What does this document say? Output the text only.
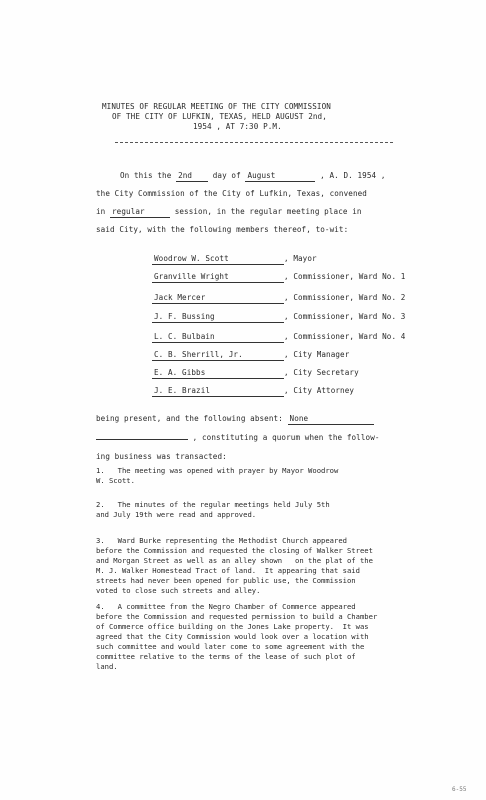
MINUTES OF REGULAR MEETING OF THE CITY COMMISSION
OF THE CITY OF LUFKIN, TEXAS, HELD AUGUST 2nd,
1954 , AT 7:30 P.M.
On this the 2nd	day of August	, A. D. 1954 ,
the City Commission of the City of Lufkin, Texas, convened
in regular	session, in the regular meeting place in
said City, with the following members thereof, to-wit:
Woodrow W. Scott	, Mayor
Granville Wright	, Commissioner, Ward No. 1
Jack Mercer	, Commissioner, Ward No. 2
J. F. Bussing	, Commissioner, Ward No. 3
L. C. Bulbain	, Commissioner, Ward No. 4
C. B. Sherrill, Jr.	, City Manager
E. A. Gibbs	, City Secretary
J. E. Brazil	, City Attorney
being present, and the following absent: None
, constituting a quorum when the follow-
ing business was transacted:
1.   The meeting was opened with prayer by Mayor Woodrow
W. Scott.
2.   The minutes of the regular meetings held July 5th
and July 19th were read and approved.
3.   Ward Burke representing the Methodist Church appeared
before the Commission and requested the closing of Walker Street
and Morgan Street as well as an alley shown   on the plat of the
M. J. Walker Homestead Tract of land.  It appearing that said
streets had never been opened for public use, the Commission
voted to close such streets and alley.
4.   A committee from the Negro Chamber of Commerce appeared
before the Commission and requested permission to build a Chamber
of Commerce office building on the Jones Lake property.  It was
agreed that the City Commission would look over a location with
such committee and would later come to some agreement with the
committee relative to the terms of the lease of such plot of
land.
6-55
